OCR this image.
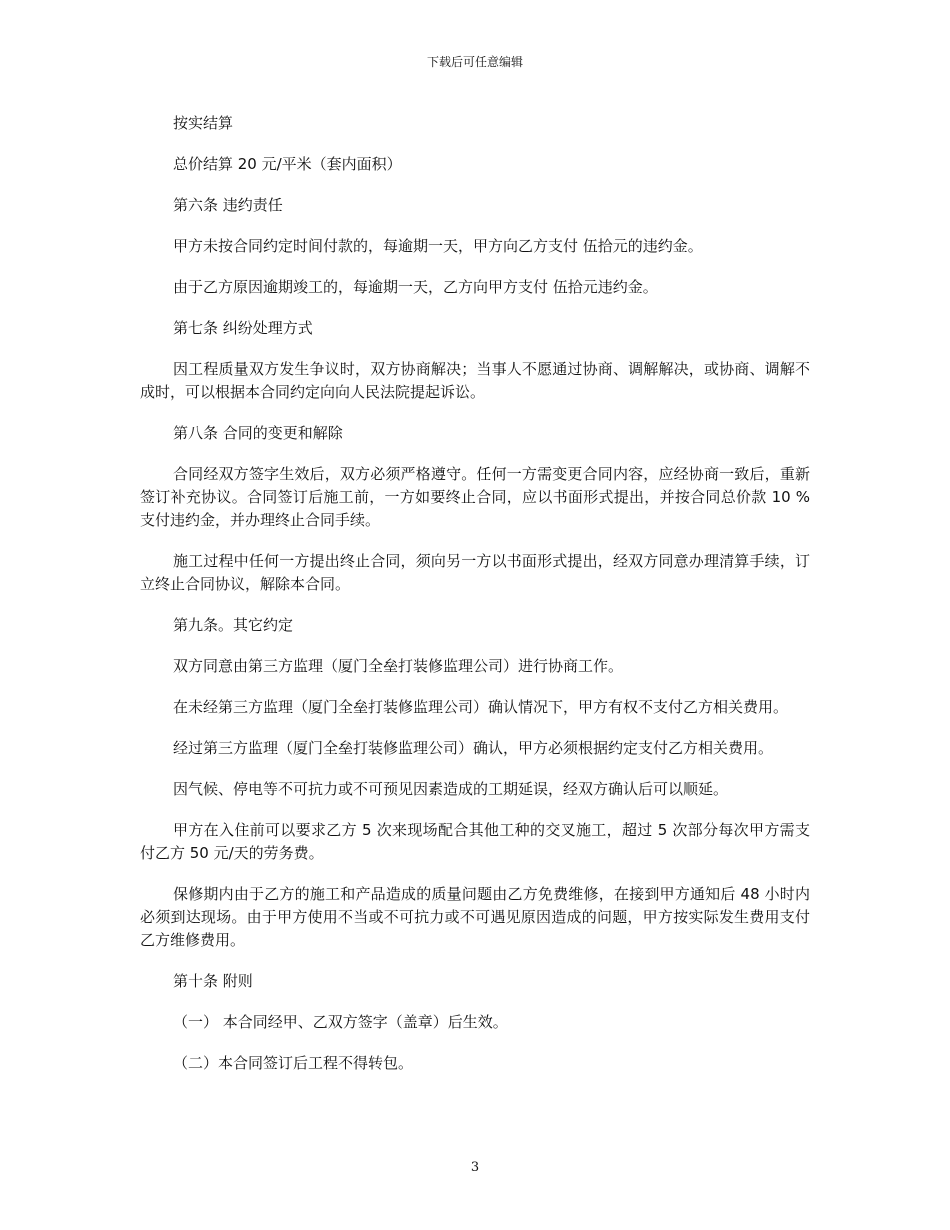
下载后可任意编辑

按实结算

总价结算 20 元/平米（套内面积）

第六条 违约责任

甲方未按合同约定时间付款的，每逾期一天，甲方向乙方支付 伍拾元的违约金。

由于乙方原因逾期竣工的，每逾期一天，乙方向甲方支付 伍拾元违约金。

第七条 纠纷处理方式

因工程质量双方发生争议时，双方协商解决；当事人不愿通过协商、调解解决，或协商、调解不成时，可以根据本合同约定向向人民法院提起诉讼。

第八条 合同的变更和解除

合同经双方签字生效后，双方必须严格遵守。任何一方需变更合同内容，应经协商一致后，重新签订补充协议。合同签订后施工前，一方如要终止合同，应以书面形式提出，并按合同总价款 10 %支付违约金，并办理终止合同手续。

施工过程中任何一方提出终止合同，须向另一方以书面形式提出，经双方同意办理清算手续，订立终止合同协议，解除本合同。

第九条。其它约定

双方同意由第三方监理（厦门全垒打装修监理公司）进行协商工作。

在未经第三方监理（厦门全垒打装修监理公司）确认情况下，甲方有权不支付乙方相关费用。

经过第三方监理（厦门全垒打装修监理公司）确认，甲方必须根据约定支付乙方相关费用。

因气候、停电等不可抗力或不可预见因素造成的工期延误，经双方确认后可以顺延。

甲方在入住前可以要求乙方 5 次来现场配合其他工种的交叉施工，超过 5 次部分每次甲方需支付乙方 50 元/天的劳务费。

保修期内由于乙方的施工和产品造成的质量问题由乙方免费维修，在接到甲方通知后 48 小时内必须到达现场。由于甲方使用不当或不可抗力或不可遇见原因造成的问题，甲方按实际发生费用支付乙方维修费用。

第十条 附则

（一） 本合同经甲、乙双方签字（盖章）后生效。

（二）本合同签订后工程不得转包。

3
